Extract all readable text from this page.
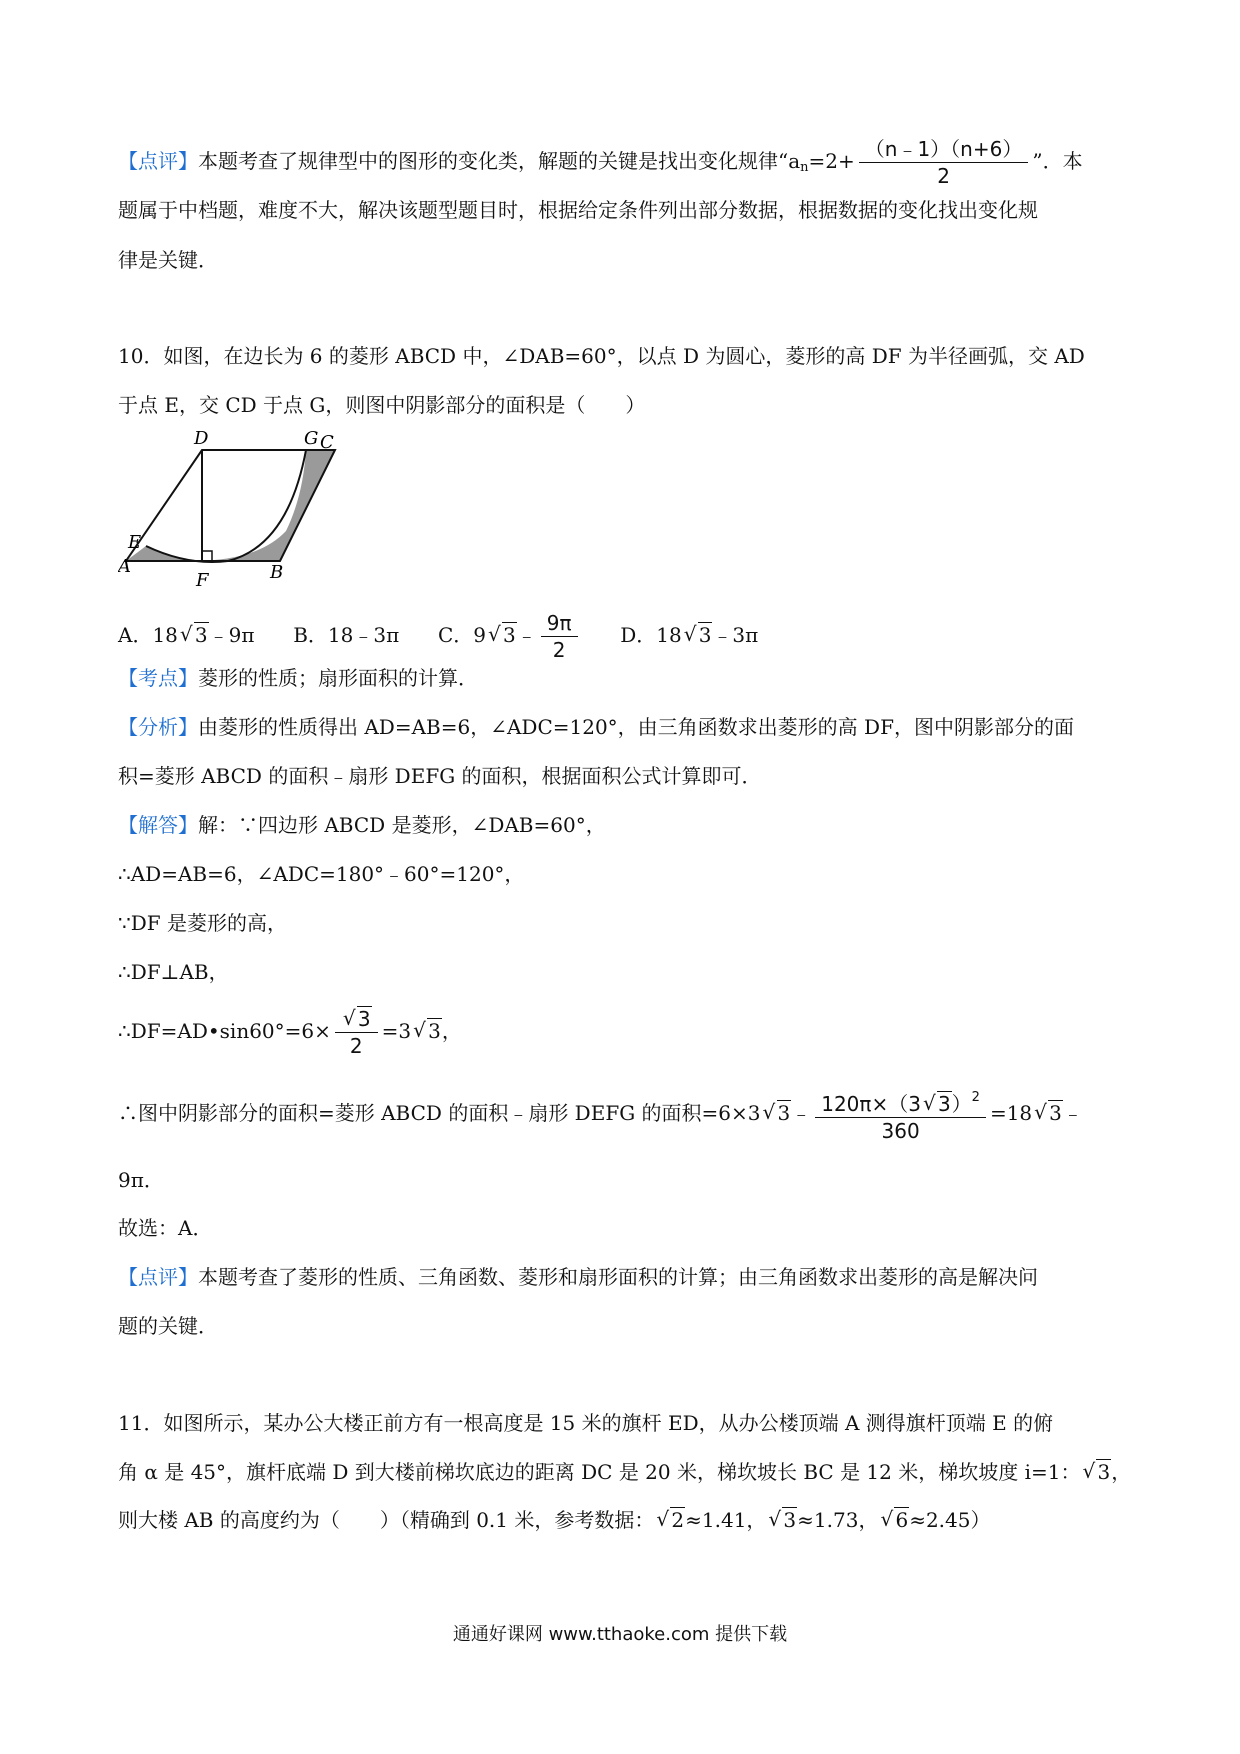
【点评】本题考查了规律型中的图形的变化类，解题的关键是找出变化规律“$a_n=2+ \frac{(n﹣1)(n+6)}{2}$ ”．本
题属于中档题，难度不大，解决该题型题目时，根据给定条件列出部分数据，根据数据的变化找出变化规
律是关键．
10．如图，在边长为 6 的菱形 ABCD 中，∠DAB=60°，以点 D 为圆心，菱形的高 DF 为半径画弧，交 AD
于点 E，交 CD 于点 G，则图中阴影部分的面积是（　　）
D	G C
E
A
F	B
A．18√ 3﹣9π B．18﹣3π C．9√ 3﹣ $\frac{9\pi}{2}$ D．18√ 3﹣3π
【考点】菱形的性质；扇形面积的计算．
【分析】由菱形的性质得出 AD=AB=6，∠ADC=120°，由三角函数求出菱形的高 DF，图中阴影部分的面
积=菱形 ABCD 的面积﹣扇形 DEFG 的面积，根据面积公式计算即可．
【解答】解：∵四边形 ABCD 是菱形，∠DAB=60°，
∴AD=AB=6，∠ADC=180°﹣60°=120°，
∵DF 是菱形的高，
∴DF⊥AB，
∴DF=AD•sin60°=6×
√ $\frac{3}{2} =3√$ 3，
∴图中阴影部分的面积=菱形 ABCD 的面积﹣扇形 DEFG 的面积=6×3√ 3﹣ $\frac{120\pi\times(3√ 3)^2}{360} =18√$ 3﹣
9π．
故选：A．
【点评】本题考查了菱形的性质、三角函数、菱形和扇形面积的计算；由三角函数求出菱形的高是解决问
题的关键．
11．如图所示，某办公大楼正前方有一根高度是 15 米的旗杆 ED，从办公楼顶端 A 测得旗杆顶端 E 的俯
角 α 是 45°，旗杆底端 D 到大楼前梯坎底边的距离 DC 是 20 米，梯坎坡长 BC 是 12 米，梯坎坡度 i=1：√ 3，
则大楼 AB 的高度约为（　　）（精确到 0.1 米，参考数据：√ 2≈1.41，√ 3≈1.73，√ 6≈2.45）
通通好课网 www.tthaoke.com 提供下载
